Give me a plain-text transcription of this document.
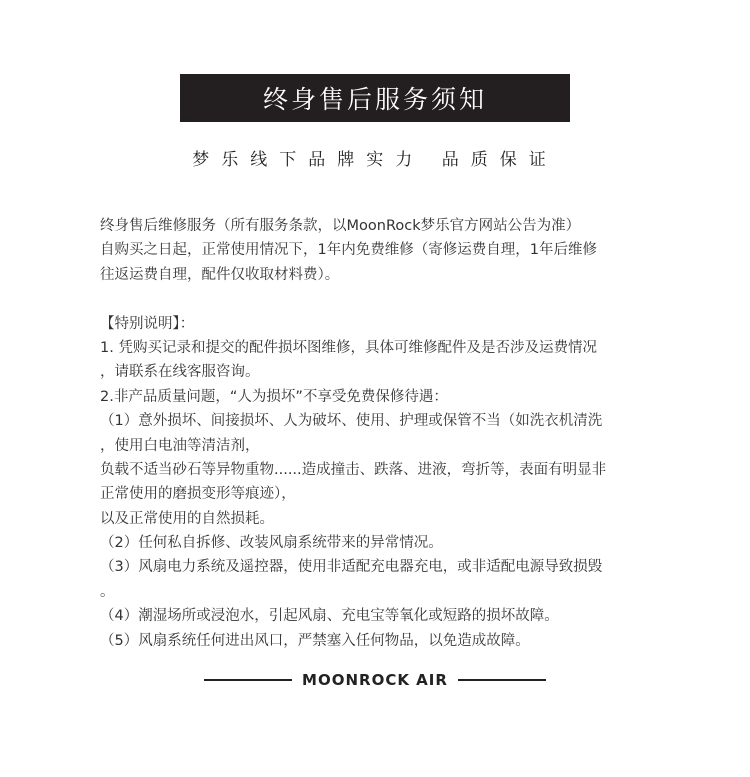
终身售后服务须知
梦乐线下品牌实力 品质保证
终身售后维修服务（所有服务条款，以MoonRock梦乐官方网站公告为准）
自购买之日起，正常使用情况下，1年内免费维修（寄修运费自理，1年后维修
往返运费自理，配件仅收取材料费）。
【特别说明】：
1. 凭购买记录和提交的配件损坏图维修，具体可维修配件及是否涉及运费情况
，请联系在线客服咨询。
2.非产品质量问题，“人为损坏”不享受免费保修待遇：
（1）意外损坏、间接损坏、人为破坏、使用、护理或保管不当（如洗衣机清洗
，使用白电油等清洁剂，
负载不适当砂石等异物重物......造成撞击、跌落、进液，弯折等，表面有明显非
正常使用的磨损变形等痕迹），
以及正常使用的自然损耗。
（2）任何私自拆修、改装风扇系统带来的异常情况。
（3）风扇电力系统及遥控器，使用非适配充电器充电，或非适配电源导致损毁
。
（4）潮湿场所或浸泡水，引起风扇、充电宝等氧化或短路的损坏故障。
（5）风扇系统任何进出风口，严禁塞入任何物品，以免造成故障。
MOONROCK AIR
